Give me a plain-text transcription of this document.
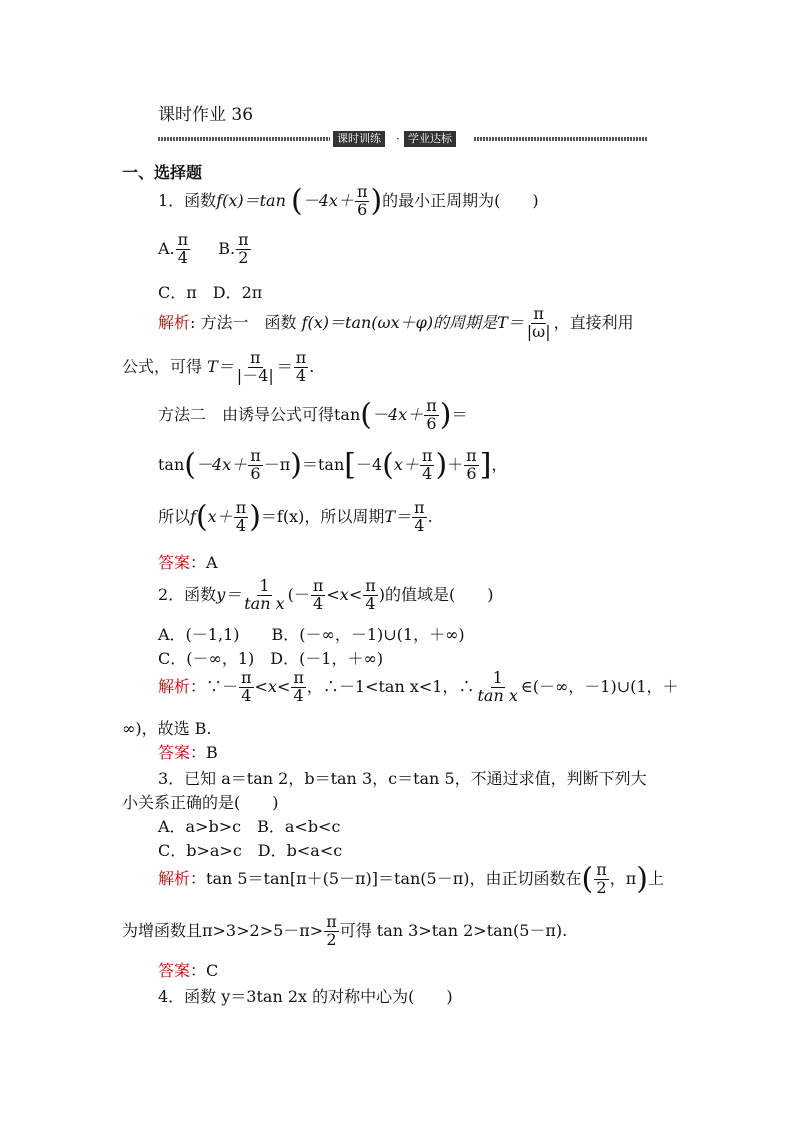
课时作业 36
课时训练	· 学业达标
一、选择题
1．函数f(x)＝tan ($-4x+ \frac{\pi}{6}$ )的最小正周期为(　　)
A. $\frac{\pi}{4} B$. $\frac{\pi}{2}$
C．π　D．2π
解析: 方法一　函数 f(x)＝tan(ωx＋φ)的周期是$T= \frac{\pi}{|\omega|}$ ，直接利用
公式，可得 $T= \frac{\pi}{|-4|} = \frac{\pi}{4}$ .
方法二　由诱导公式可得$\tan(-4x+ \frac{\pi}{6}$ )＝
$\tan(-4x+ \frac{\pi}{6} -\pi)=\tan[-4(x+ \frac{\pi}{4}$ )＋ $\frac{\pi}{6}$ ]，
所以$f(x+ \frac{\pi}{4} )=f(x)$，所以周期$T= \frac{\pi}{4}$ .
答案：A
2．函数$y= \frac{1}{\text{tan x}}$ (－ $\frac{\pi}{4} <x< \frac{\pi}{4}$ )的值域是(　　)
A．(－1,1)　　B．(－∞，－1)∪(1，＋∞)
C．(－∞，1)　D．(－1，＋∞)
解析：∵－ $\frac{\pi}{4} <x< \frac{\pi}{4}$ ，∴－1<tan x<1，∴ $\frac{1}{\text{tan x}}$ ∈(－∞，－1)∪(1，＋
∞)，故选 B.
答案：B
3．已知 a＝tan 2，b＝tan 3，c＝tan 5，不通过求值，判断下列大
小关系正确的是(　　)
A．a>b>c　B．a<b<c
C．b>a>c　D．b<a<c
解析：tan 5＝tan[π＋(5－π)]＝tan(5－π)，由正切函数在( $\frac{\pi}{2}$ ，π)上
为增函数且$\pi>3>2>5-\pi> \frac{\pi}{2}$ 可得 tan 3>tan 2>tan(5－π).
答案：C
4．函数 y＝3tan 2x 的对称中心为(　　)
